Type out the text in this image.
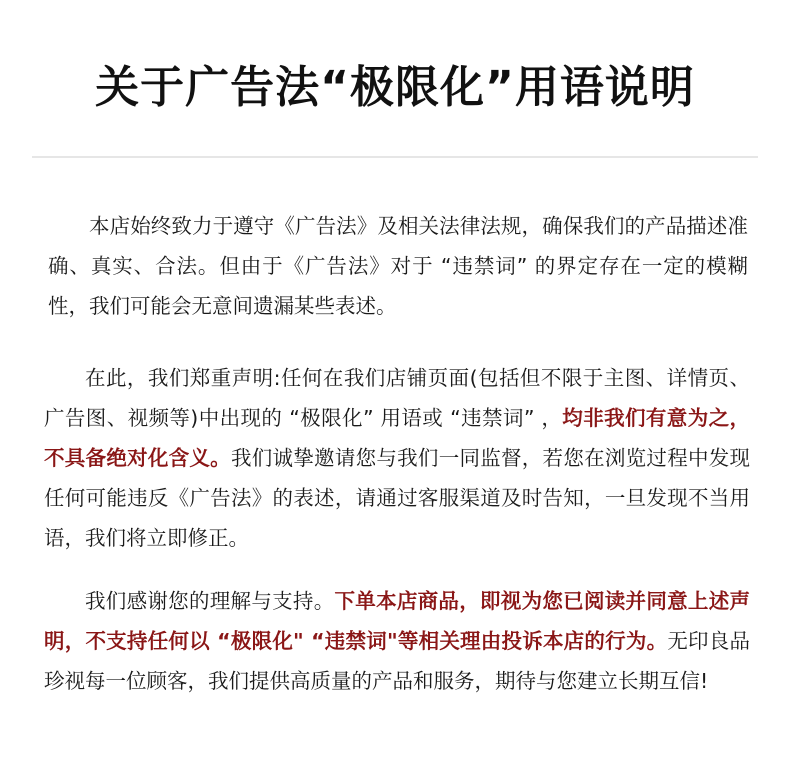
关于广告法“极限化”用语说明

本店始终致力于遵守《广告法》及相关法律法规，确保我们的产品描述准确、真实、合法。但由于《广告法》对于 “违禁词” 的界定存在一定的模糊性，我们可能会无意间遗漏某些表述。

在此，我们郑重声明:任何在我们店铺页面(包括但不限于主图、详情页、广告图、视频等)中出现的 “极限化” 用语或 “违禁词” ，均非我们有意为之，不具备绝对化含义。我们诚挚邀请您与我们一同监督，若您在浏览过程中发现任何可能违反《广告法》的表述，请通过客服渠道及时告知，一旦发现不当用语，我们将立即修正。

我们感谢您的理解与支持。下单本店商品，即视为您已阅读并同意上述声明，不支持任何以 “极限化" “违禁词"等相关理由投诉本店的行为。无印良品珍视每一位顾客，我们提供高质量的产品和服务，期待与您建立长期互信!
